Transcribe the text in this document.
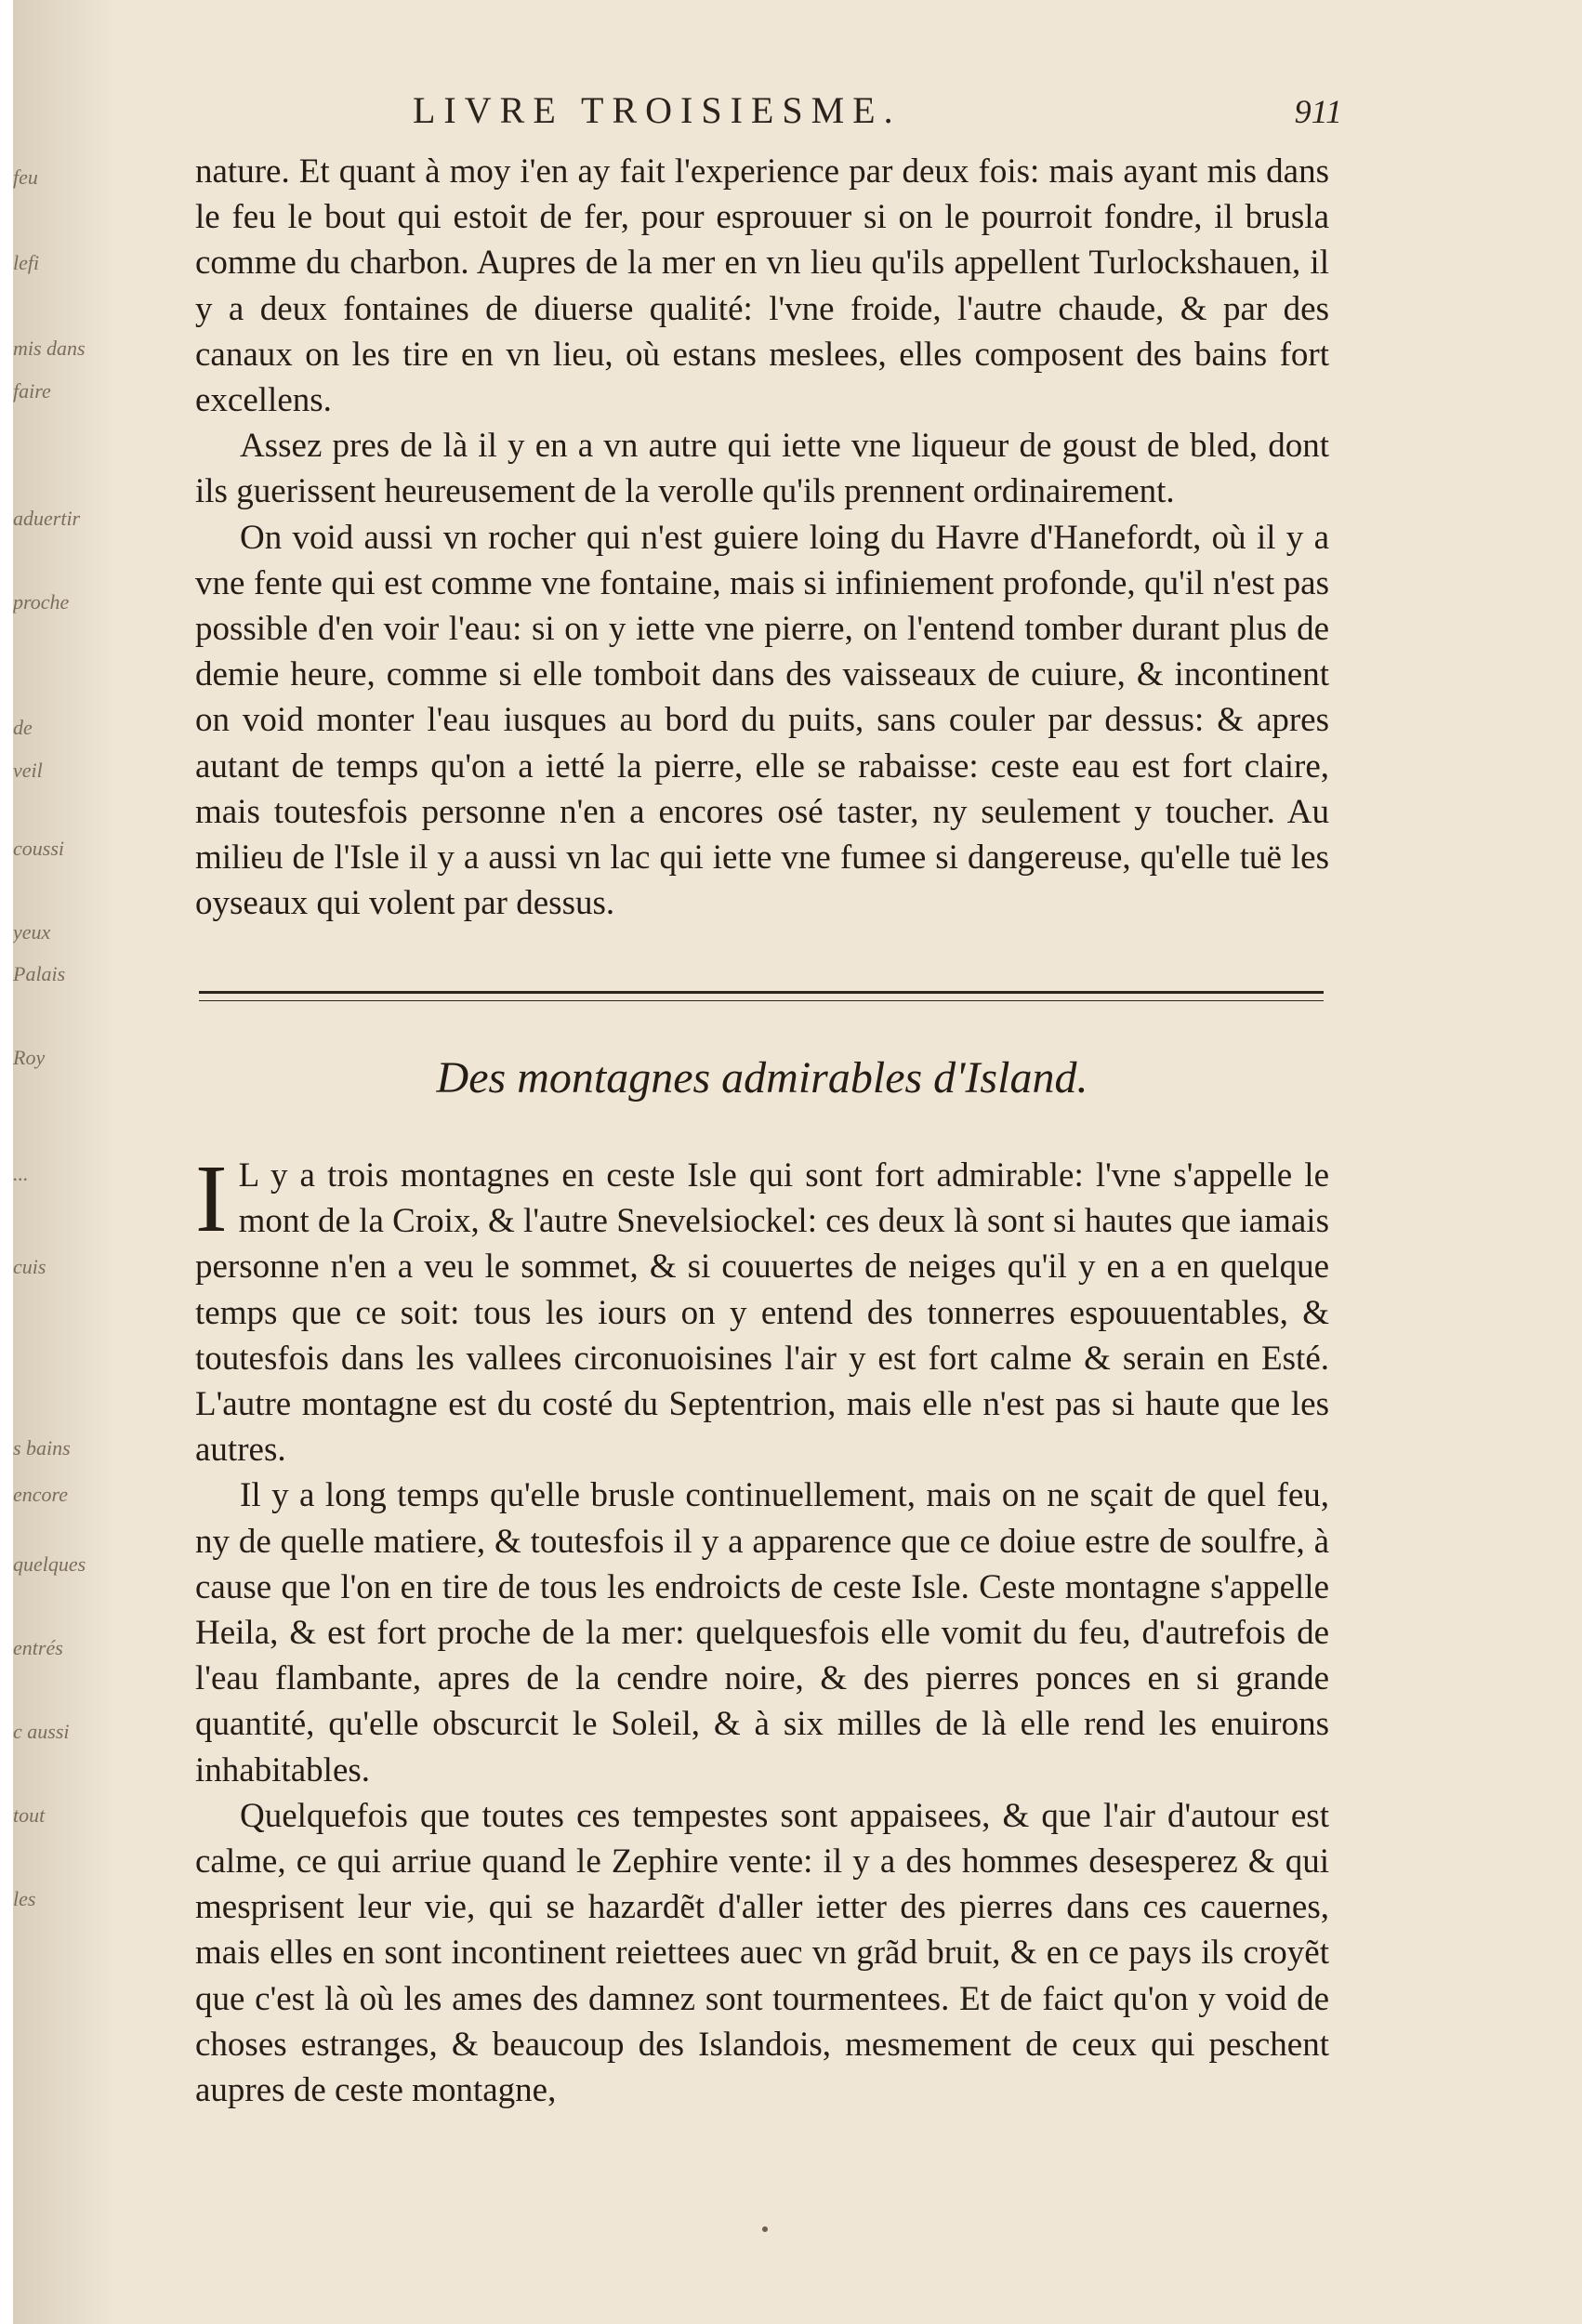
feu
lefi
mis dans
faire
aduertir
proche
de
veil
coussi
yeux
Palais
Roy
...
cuis
s bains
encore
quelques
entrés
c aussi
tout
les
LIVRE TROISIESME.	911

nature. Et quant à moy i'en ay fait l'experience par deux fois: mais ayant mis dans le feu le bout qui estoit de fer, pour esprouuer si on le pourroit fondre, il brusla comme du charbon. Aupres de la mer en vn lieu qu'ils appellent Turlockshauen, il y a deux fontaines de diuerse qualité: l'vne froide, l'autre chaude, & par des canaux on les tire en vn lieu, où estans meslees, elles composent des bains fort excellens.

Assez pres de là il y en a vn autre qui iette vne liqueur de goust de bled, dont ils guerissent heureusement de la verolle qu'ils prennent ordinairement.

On void aussi vn rocher qui n'est guiere loing du Havre d'Hanefordt, où il y a vne fente qui est comme vne fontaine, mais si infiniement profonde, qu'il n'est pas possible d'en voir l'eau: si on y iette vne pierre, on l'entend tomber durant plus de demie heure, comme si elle tomboit dans des vaisseaux de cuiure, & incontinent on void monter l'eau iusques au bord du puits, sans couler par dessus: & apres autant de temps qu'on a ietté la pierre, elle se rabaisse: ceste eau est fort claire, mais toutesfois personne n'en a encores osé taster, ny seulement y toucher. Au milieu de l'Isle il y a aussi vn lac qui iette vne fumee si dangereuse, qu'elle tuë les oyseaux qui volent par dessus.

Des montagnes admirables d'Island.

I L y a trois montagnes en ceste Isle qui sont fort admirable: l'vne s'appelle le mont de la Croix, & l'autre Snevelsiockel: ces deux là sont si hautes que iamais personne n'en a veu le sommet, & si couuertes de neiges qu'il y en a en quelque temps que ce soit: tous les iours on y entend des tonnerres espouuentables, & toutesfois dans les vallees circonuoisines l'air y est fort calme & serain en Esté. L'autre montagne est du costé du Septentrion, mais elle n'est pas si haute que les autres.

Il y a long temps qu'elle brusle continuellement, mais on ne sçait de quel feu, ny de quelle matiere, & toutesfois il y a apparence que ce doiue estre de soulfre, à cause que l'on en tire de tous les endroicts de ceste Isle. Ceste montagne s'appelle Heila, & est fort proche de la mer: quelquesfois elle vomit du feu, d'autrefois de l'eau flambante, apres de la cendre noire, & des pierres ponces en si grande quantité, qu'elle obscurcit le Soleil, & à six milles de là elle rend les enuirons inhabitables.

Quelquefois que toutes ces tempestes sont appaisees, & que l'air d'autour est calme, ce qui arriue quand le Zephire vente: il y a des hommes desesperez & qui mesprisent leur vie, qui se hazardẽt d'aller ietter des pierres dans ces cauernes, mais elles en sont incontinent reiettees auec vn grãd bruit, & en ce pays ils croyẽt que c'est là où les ames des damnez sont tourmentees. Et de faict qu'on y void de choses estranges, & beaucoup des Islandois, mesmement de ceux qui peschent aupres de ceste montagne,
